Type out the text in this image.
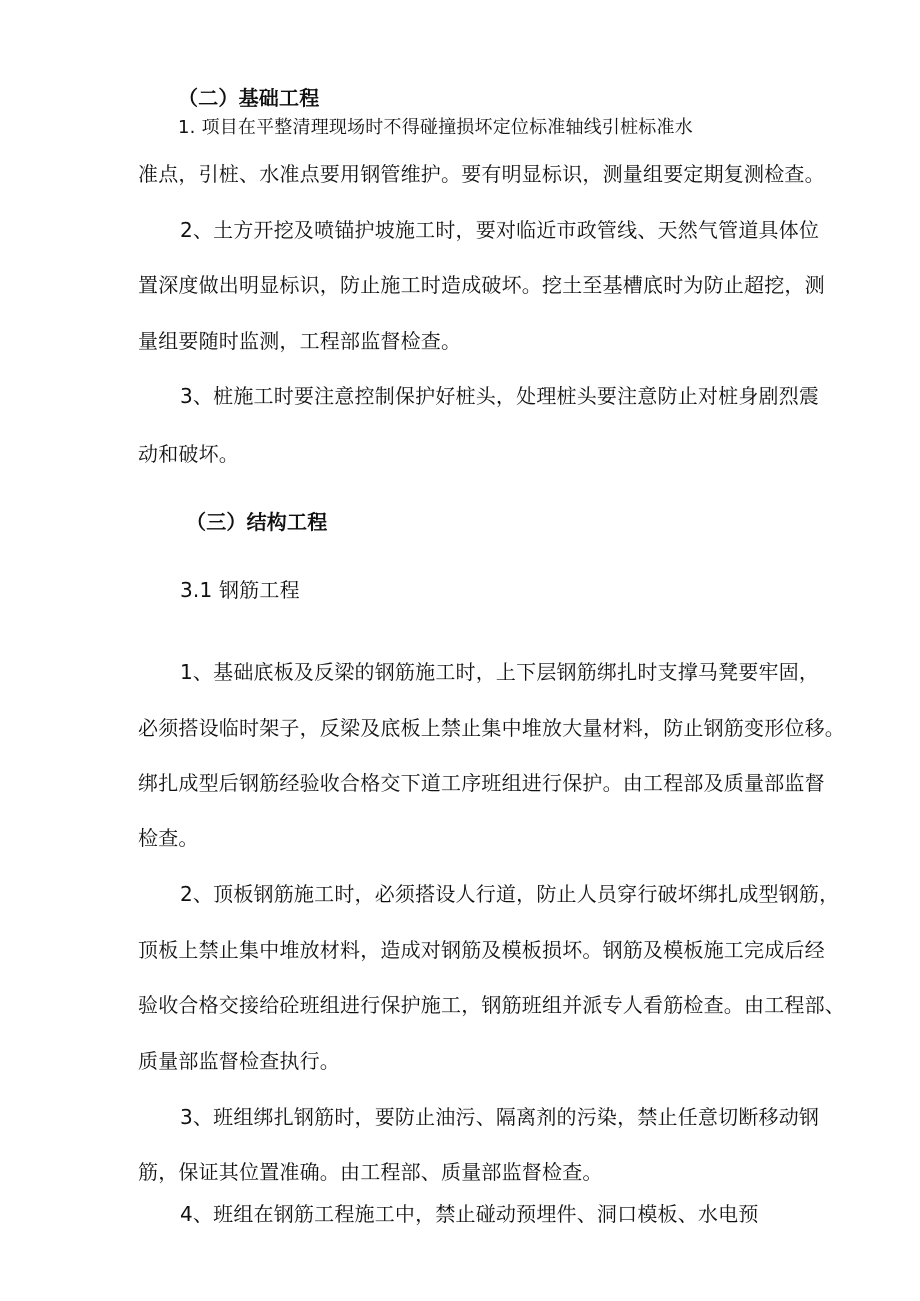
（二）基础工程
1. 项目在平整清理现场时不得碰撞损坏定位标准轴线引桩标准水
准点，引桩、水准点要用钢管维护。要有明显标识，测量组要定期复测检查。
2、土方开挖及喷锚护坡施工时，要对临近市政管线、天然气管道具体位
置深度做出明显标识，防止施工时造成破坏。挖土至基槽底时为防止超挖，测
量组要随时监测，工程部监督检查。
3、桩施工时要注意控制保护好桩头，处理桩头要注意防止对桩身剧烈震
动和破坏。
（三）结构工程
3.1 钢筋工程
1、基础底板及反梁的钢筋施工时，上下层钢筋绑扎时支撑马凳要牢固，
必须搭设临时架子，反梁及底板上禁止集中堆放大量材料，防止钢筋变形位移。
绑扎成型后钢筋经验收合格交下道工序班组进行保护。由工程部及质量部监督
检查。
2、顶板钢筋施工时，必须搭设人行道，防止人员穿行破坏绑扎成型钢筋，
顶板上禁止集中堆放材料，造成对钢筋及模板损坏。钢筋及模板施工完成后经
验收合格交接给砼班组进行保护施工，钢筋班组并派专人看筋检查。由工程部、
质量部监督检查执行。
3、班组绑扎钢筋时，要防止油污、隔离剂的污染，禁止任意切断移动钢
筋，保证其位置准确。由工程部、质量部监督检查。
4、班组在钢筋工程施工中，禁止碰动预埋件、洞口模板、水电预
